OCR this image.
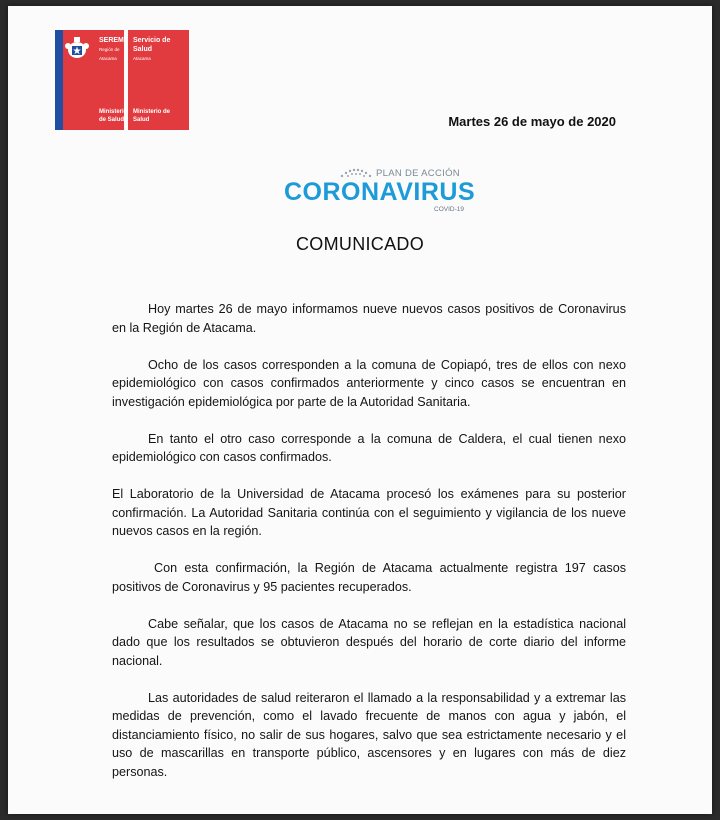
SEREMI
Región de Atacama
Ministerio de Salud
Servicio de Salud
Atacama
Ministerio de Salud	Martes 26 de mayo de 2020
PLAN DE ACCIÓN
CORONAVIRUS
COVID-19
COMUNICADO

Hoy martes 26 de mayo informamos nueve nuevos casos positivos de Coronavirus en la Región de Atacama.

Ocho de los casos corresponden a la comuna de Copiapó, tres de ellos con nexo epidemiológico con casos confirmados anteriormente y cinco casos se encuentran en investigación epidemiológica por parte de la Autoridad Sanitaria.

En tanto el otro caso corresponde a la comuna de Caldera, el cual tienen nexo epidemiológico con casos confirmados.

El Laboratorio de la Universidad de Atacama procesó los exámenes para su posterior confirmación. La Autoridad Sanitaria continúa con el seguimiento y vigilancia de los nueve nuevos casos en la región.

Con esta confirmación, la Región de Atacama actualmente registra 197 casos positivos de Coronavirus y 95 pacientes recuperados.

Cabe señalar, que los casos de Atacama no se reflejan en la estadística nacional dado que los resultados se obtuvieron después del horario de corte diario del informe nacional.

Las autoridades de salud reiteraron el llamado a la responsabilidad y a extremar las medidas de prevención, como el lavado frecuente de manos con agua y jabón, el distanciamiento físico, no salir de sus hogares, salvo que sea estrictamente necesario y el uso de mascarillas en transporte público, ascensores y en lugares con más de diez personas.
